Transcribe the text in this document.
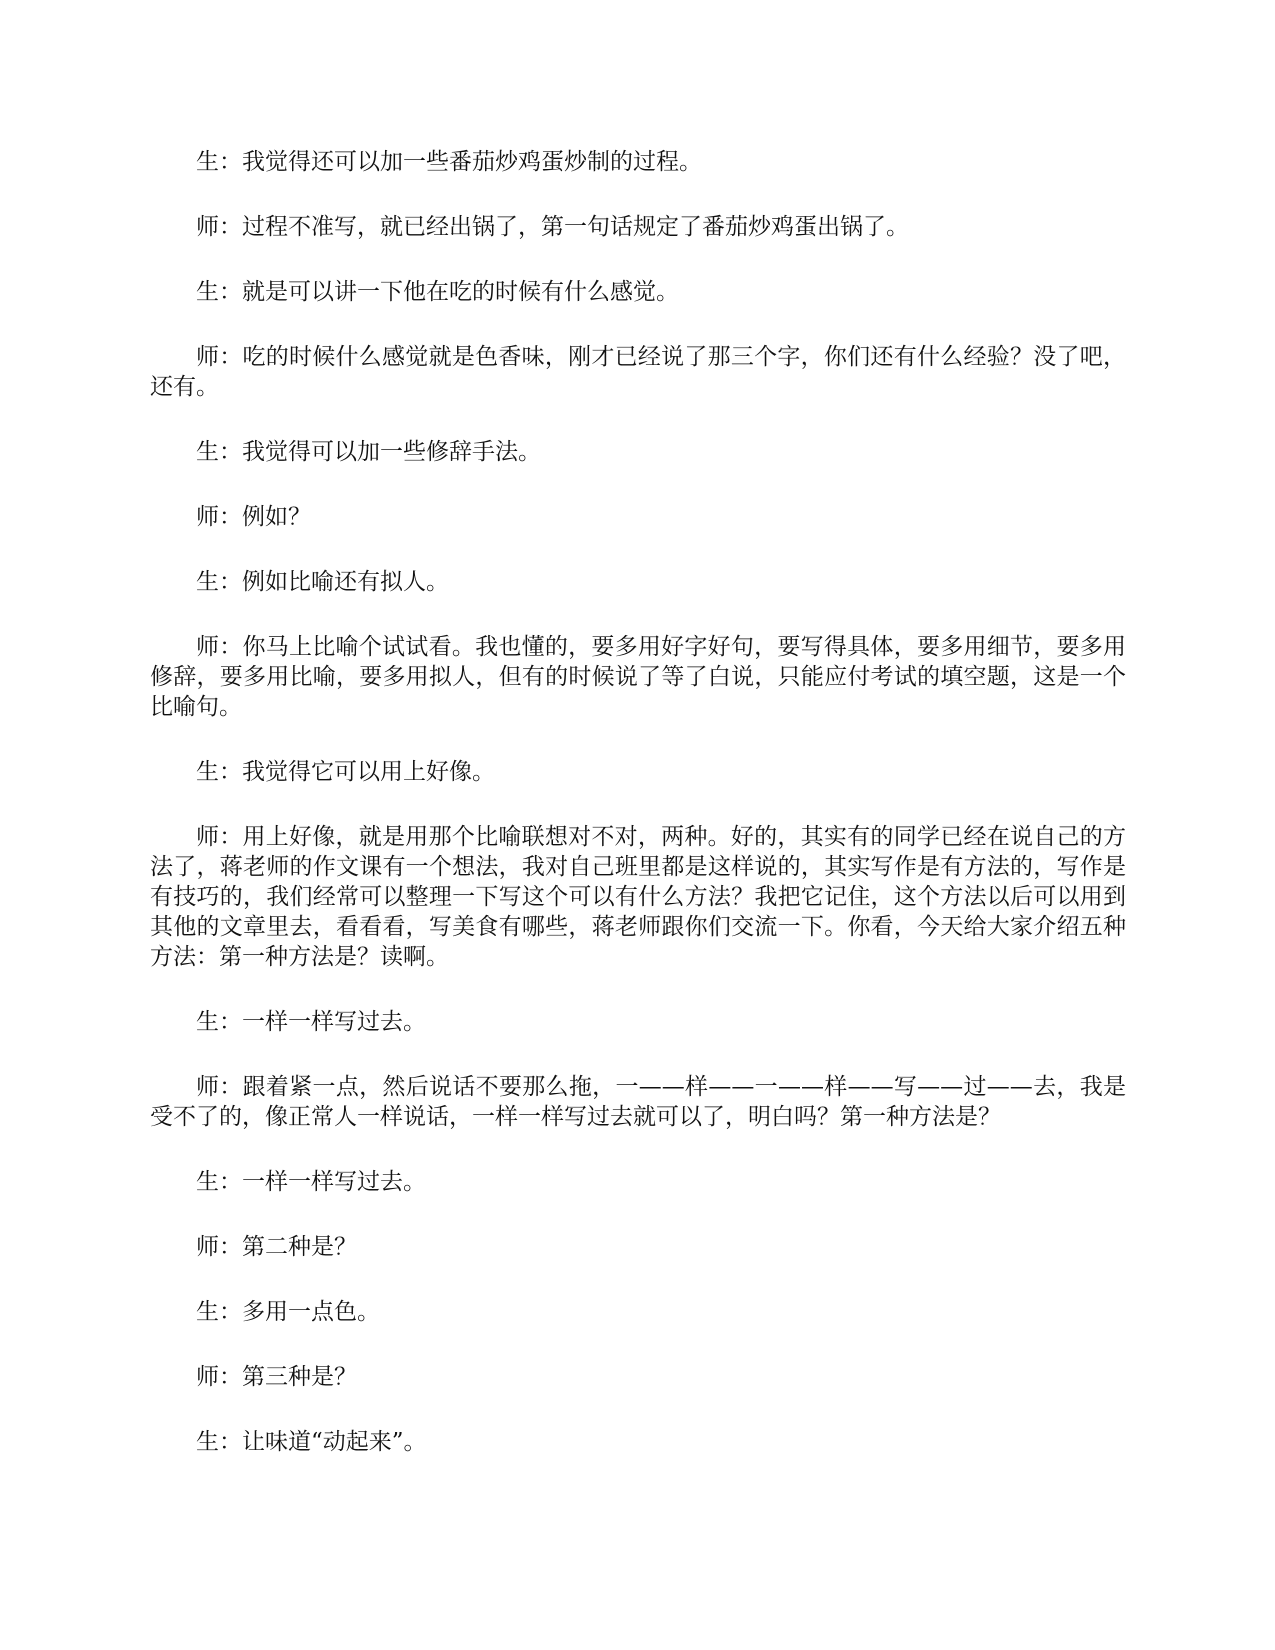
生：我觉得还可以加一些番茄炒鸡蛋炒制的过程。

师：过程不准写，就已经出锅了，第一句话规定了番茄炒鸡蛋出锅了。

生：就是可以讲一下他在吃的时候有什么感觉。

师：吃的时候什么感觉就是色香味，刚才已经说了那三个字，你们还有什么经验？没了吧，还有。

生：我觉得可以加一些修辞手法。

师：例如？

生：例如比喻还有拟人。

师：你马上比喻个试试看。我也懂的，要多用好字好句，要写得具体，要多用细节，要多用修辞，要多用比喻，要多用拟人，但有的时候说了等了白说，只能应付考试的填空题，这是一个比喻句。

生：我觉得它可以用上好像。

师：用上好像，就是用那个比喻联想对不对，两种。好的，其实有的同学已经在说自己的方法了，蒋老师的作文课有一个想法，我对自己班里都是这样说的，其实写作是有方法的，写作是有技巧的，我们经常可以整理一下写这个可以有什么方法？我把它记住，这个方法以后可以用到其他的文章里去，看看看，写美食有哪些，蒋老师跟你们交流一下。你看，今天给大家介绍五种方法：第一种方法是？读啊。

生：一样一样写过去。

师：跟着紧一点，然后说话不要那么拖，一——样——一——样——写——过——去，我是受不了的，像正常人一样说话，一样一样写过去就可以了，明白吗？第一种方法是？

生：一样一样写过去。

师：第二种是？

生：多用一点色。

师：第三种是？

生：让味道“动起来”。
